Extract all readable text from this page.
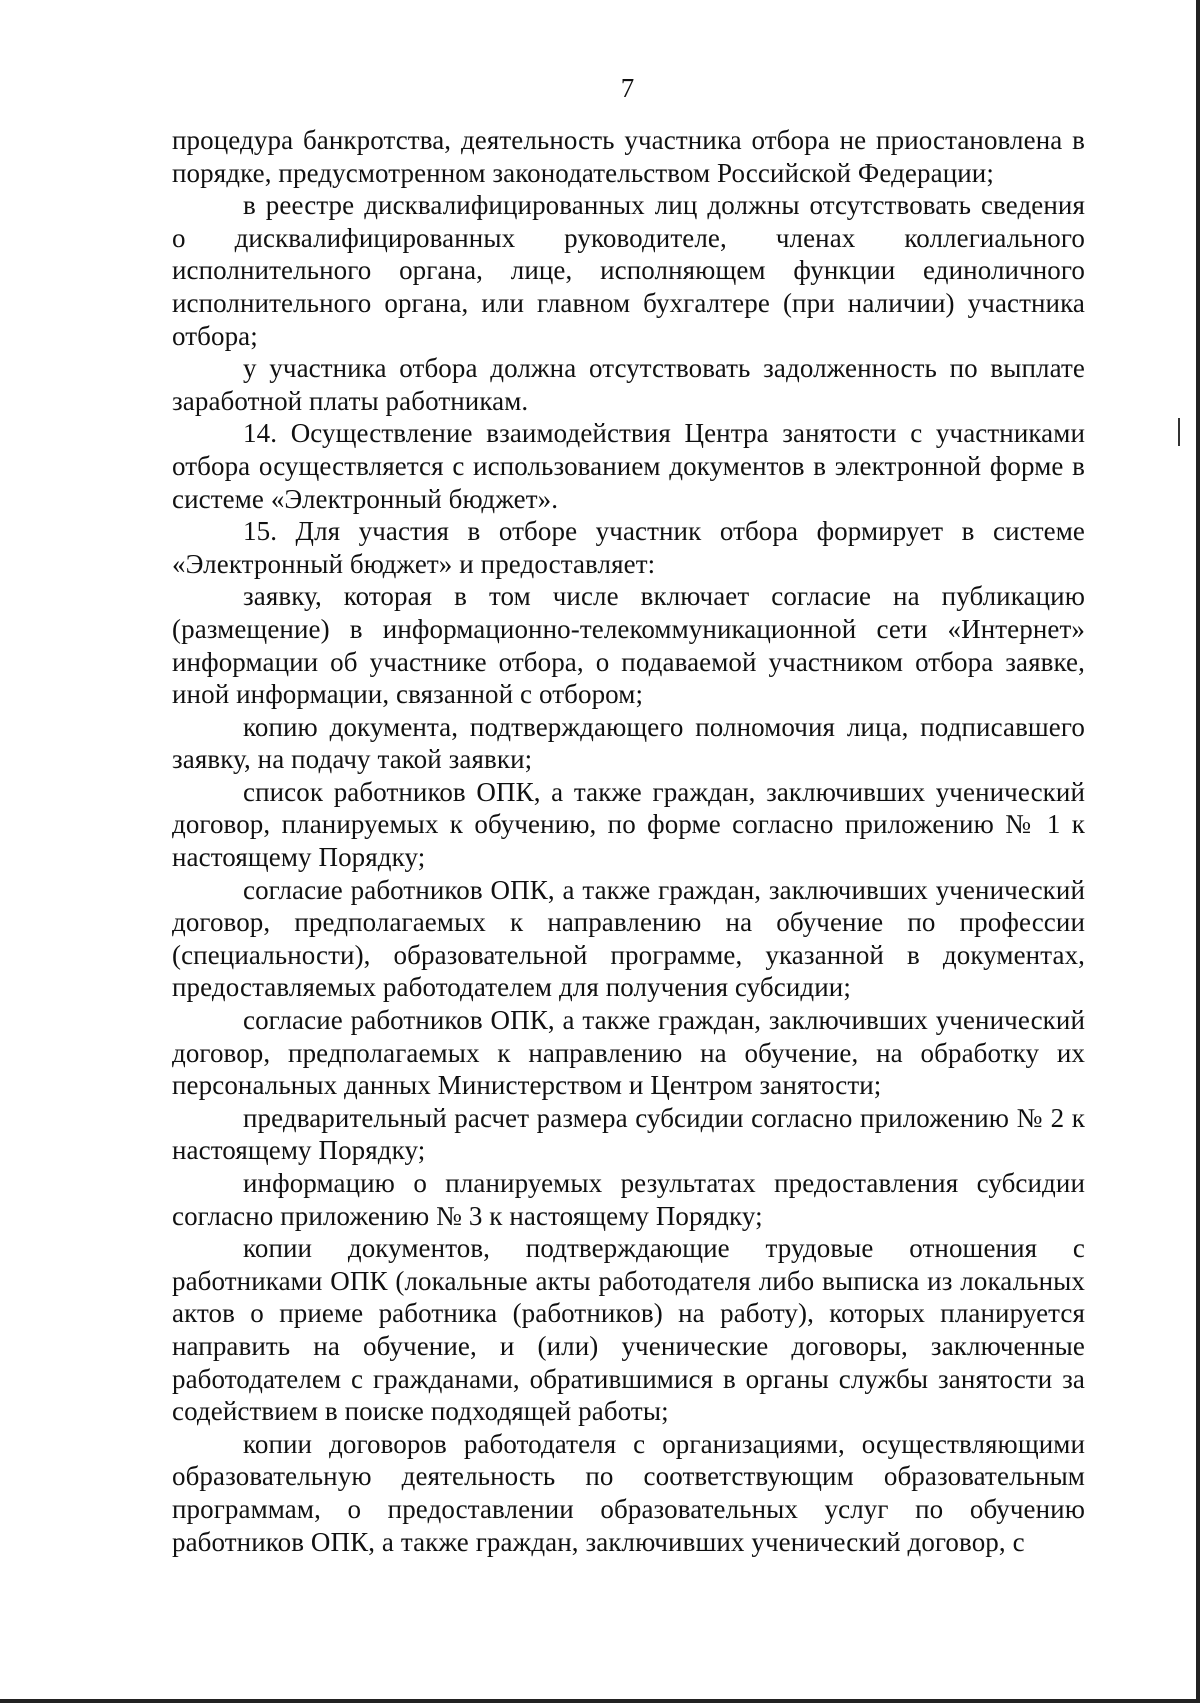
7

процедура банкротства, деятельность участника отбора не приостановлена в порядке, предусмотренном законодательством Российской Федерации;

в реестре дисквалифицированных лиц должны отсутствовать сведения о дисквалифицированных руководителе, членах коллегиального исполнительного органа, лице, исполняющем функции единоличного исполнительного органа, или главном бухгалтере (при наличии) участника отбора;

у участника отбора должна отсутствовать задолженность по выплате заработной платы работникам.

14. Осуществление взаимодействия Центра занятости с участниками отбора осуществляется с использованием документов в электронной форме в системе «Электронный бюджет».

15. Для участия в отборе участник отбора формирует в системе «Электронный бюджет» и предоставляет:

заявку, которая в том числе включает согласие на публикацию (размещение) в информационно-телекоммуникационной сети «Интернет» информации об участнике отбора, о подаваемой участником отбора заявке, иной информации, связанной с отбором;

копию документа, подтверждающего полномочия лица, подписавшего заявку, на подачу такой заявки;

список работников ОПК, а также граждан, заключивших ученический договор, планируемых к обучению, по форме согласно приложению № 1 к настоящему Порядку;

согласие работников ОПК, а также граждан, заключивших ученический договор, предполагаемых к направлению на обучение по профессии (специальности), образовательной программе, указанной в документах, предоставляемых работодателем для получения субсидии;

согласие работников ОПК, а также граждан, заключивших ученический договор, предполагаемых к направлению на обучение, на обработку их персональных данных Министерством и Центром занятости;

предварительный расчет размера субсидии согласно приложению № 2 к настоящему Порядку;

информацию о планируемых результатах предоставления субсидии согласно приложению № 3 к настоящему Порядку;

копии документов, подтверждающие трудовые отношения с работниками ОПК (локальные акты работодателя либо выписка из локальных актов о приеме работника (работников) на работу), которых планируется направить на обучение, и (или) ученические договоры, заключенные работодателем с гражданами, обратившимися в органы службы занятости за содействием в поиске подходящей работы;

копии договоров работодателя с организациями, осуществляющими образовательную деятельность по соответствующим образовательным программам, о предоставлении образовательных услуг по обучению работников ОПК, а также граждан, заключивших ученический договор, с
